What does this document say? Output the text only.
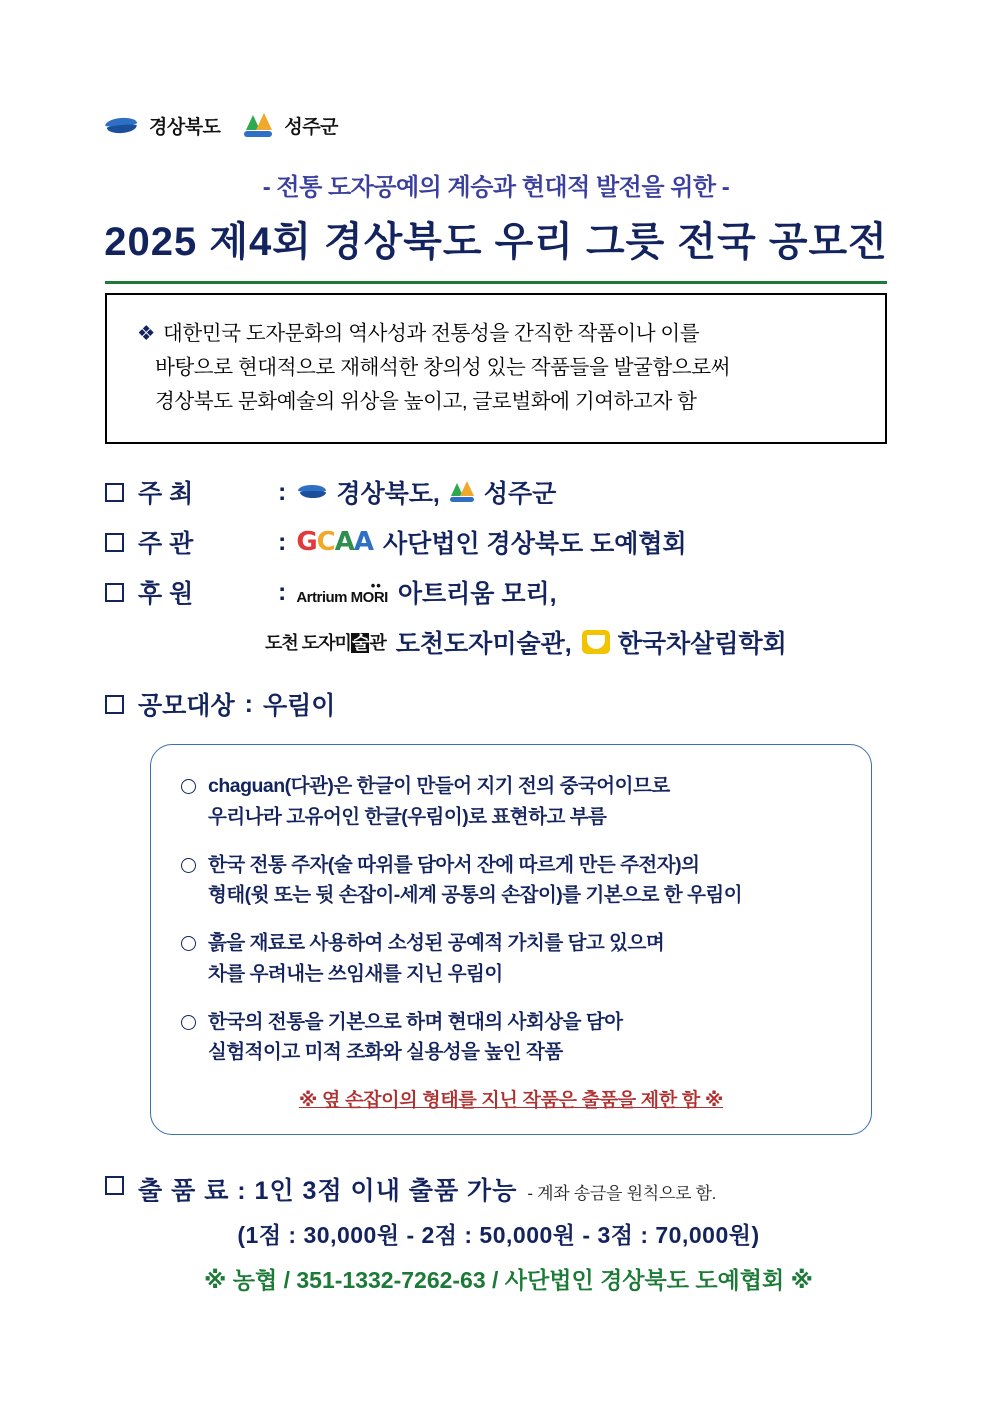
경상북도	성주군
- 전통 도자공예의 계승과 현대적 발전을 위한 -
2025 제4회 경상북도 우리 그릇 전국 공모전
❖ 대한민국 도자문화의 역사성과 전통성을 간직한 작품이나 이를
바탕으로 현대적으로 재해석한 창의성 있는 작품들을 발굴함으로써
경상북도 문화예술의 위상을 높이고, 글로벌화에 기여하고자 함
주 최	: 경상북도, 성주군
주 관	: GCAA 사단법인 경상북도 도예협회
후 원	:	••
Artrium MORI 아트리움 모리,
도천 도자미술관 도천도자미술관, 한국차살림학회
공모대상 : 우림이
chaguan(다관)은 한글이 만들어 지기 전의 중국어이므로
우리나라 고유어인 한글(우림이)로 표현하고 부름
한국 전통 주자(술 따위를 담아서 잔에 따르게 만든 주전자)의
형태(윗 또는 뒷 손잡이-세계 공통의 손잡이)를 기본으로 한 우림이
흙을 재료로 사용하여 소성된 공예적 가치를 담고 있으며
차를 우려내는 쓰임새를 지닌 우림이
한국의 전통을 기본으로 하며 현대의 사회상을 담아
실험적이고 미적 조화와 실용성을 높인 작품
※ 옆 손잡이의 형태를 지닌 작품은 출품을 제한 함 ※
출 품 료 : 1인 3점 이내 출품 가능 - 계좌 송금을 원칙으로 함.
(1점 : 30,000원 - 2점 : 50,000원 - 3점 : 70,000원)
※ 농협 / 351-1332-7262-63 / 사단법인 경상북도 도예협회 ※
